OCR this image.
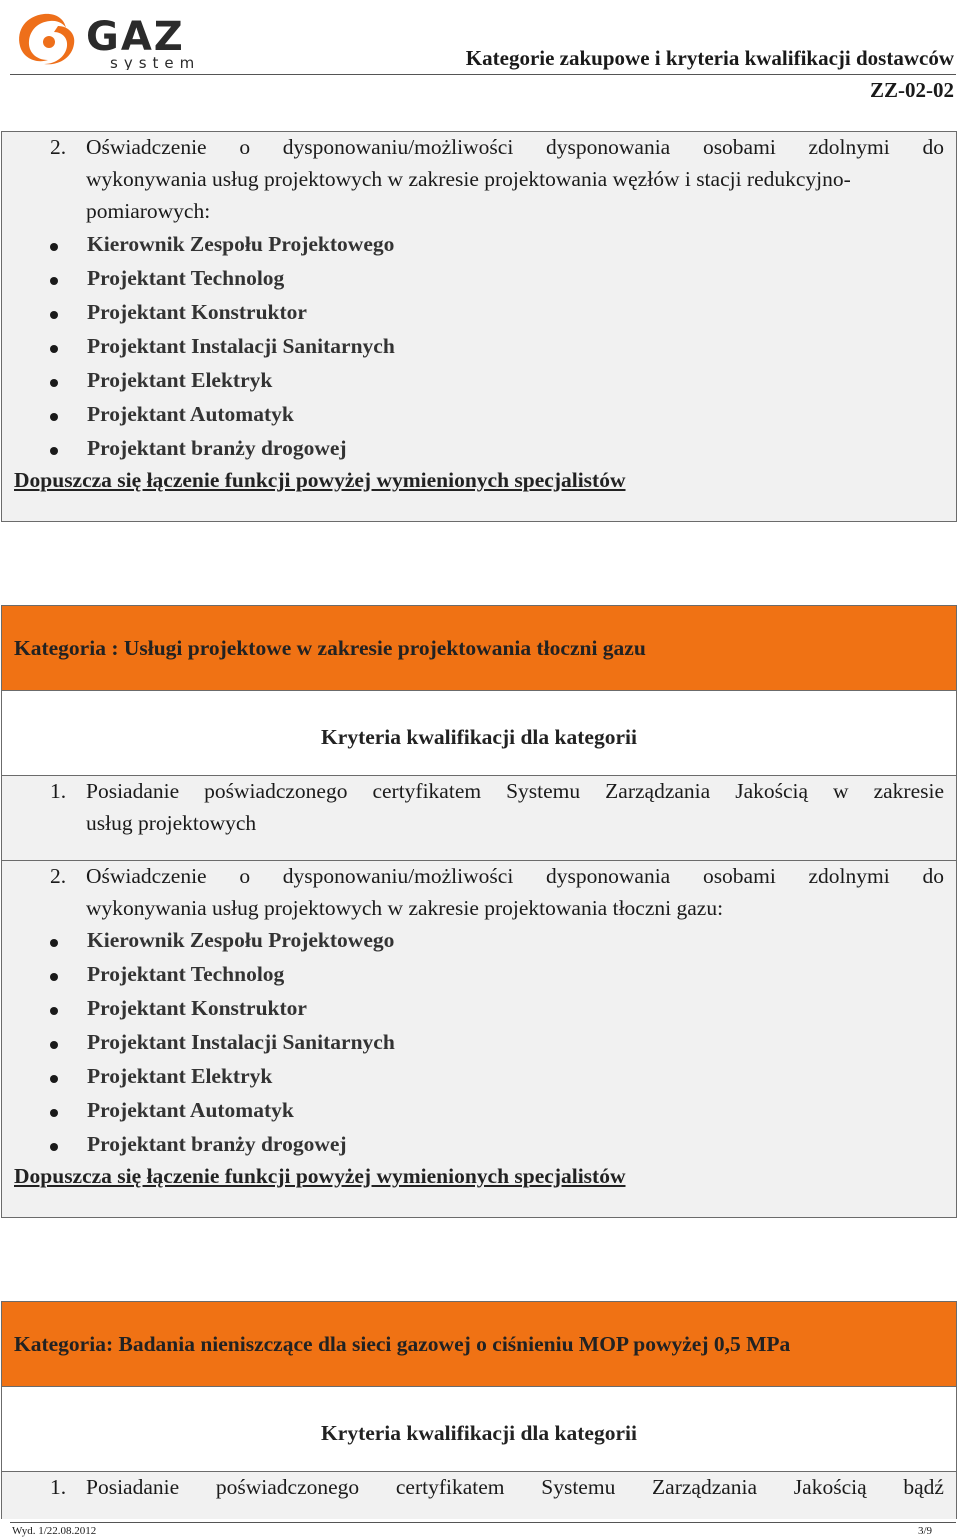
GAZ
system	Kategorie zakupowe i kryteria kwalifikacji dostawców
ZZ-02-02
2. Oświadczenie o dysponowaniu/możliwości dysponowania osobami zdolnymi do
wykonywania usług projektowych w zakresie projektowania węzłów i stacji redukcyjno-
pomiarowych:
Kierownik Zespołu Projektowego
Projektant Technolog
Projektant Konstruktor
Projektant Instalacji Sanitarnych
Projektant Elektryk
Projektant Automatyk
Projektant branży drogowej
Dopuszcza się łączenie funkcji powyżej wymienionych specjalistów
Kategoria : Usługi projektowe w zakresie projektowania tłoczni gazu
Kryteria kwalifikacji dla kategorii
1. Posiadanie poświadczonego certyfikatem Systemu Zarządzania Jakością w zakresie
usług projektowych
2. Oświadczenie o dysponowaniu/możliwości dysponowania osobami zdolnymi do
wykonywania usług projektowych w zakresie projektowania tłoczni gazu:
Kierownik Zespołu Projektowego
Projektant Technolog
Projektant Konstruktor
Projektant Instalacji Sanitarnych
Projektant Elektryk
Projektant Automatyk
Projektant branży drogowej
Dopuszcza się łączenie funkcji powyżej wymienionych specjalistów
Kategoria: Badania nieniszczące dla sieci gazowej o ciśnieniu MOP powyżej 0,5 MPa
Kryteria kwalifikacji dla kategorii
1. Posiadanie poświadczonego certyfikatem Systemu Zarządzania Jakością bądź
Wyd. 1/22.08.2012	3/9
